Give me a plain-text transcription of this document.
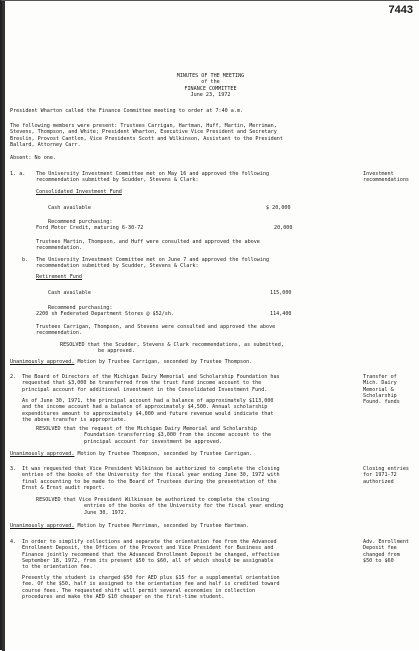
7443
MINUTES OF THE MEETING
of the
FINANCE COMMITTEE
June 23, 1972
President Wharton called the Finance Committee meeting to order at 7:40 a.m.
The following members were present: Trustees Carrigan, Hartman, Huff, Martin, Merriman,
Stevens, Thompson, and White; President Wharton, Executive Vice President and Secretary
Breslin, Provost Cantlon, Vice Presidents Scott and Wilkinson, Assistant to the President
Ballard, Attorney Carr.
Absent: No one.
1. a. The University Investment Committee met on May 16 and approved the following
recommendation submitted by Scudder, Stevens & Clark:
Investment
recommendations
Consolidated Investment Fund
Cash available	$ 20,000
Recommend purchasing:
Ford Motor Credit, maturing 6-30-72	20,000
Trustees Martin, Thompson, and Huff were consulted and approved the above
recommendation.
b. The University Investment Committee met on June 7 and approved the following
recommendation submitted by Scudder, Stevens & Clark:
Retirement Fund
Cash available	115,000
Recommend purchasing:
2200 sh Federated Department Stores @ $52/sh.	114,400
Trustees Carrigan, Thompson, and Stevens were consulted and approved the above
recommendation.
RESOLVED that the Scudder, Stevens & Clark recommendations, as submitted,
be approved.
Unanimously approved. Motion by Trustee Carrigan, seconded by Trustee Thompson.
2. The Board of Directors of the Michigan Dairy Memorial and Scholarship Foundation has
requested that $3,000 be transferred from the trust fund income account to the
principal account for additional investment in the Consolidated Investment Fund.
Transfer of
Mich. Dairy
Memorial &
Scholarship
Found. funds
As of June 30, 1971, the principal account had a balance of approximately $113,000
and the income account had a balance of approximately $4,500. Annual scholarship
expenditures amount to approximately $4,000 and future revenue would indicate that
the above transfer is appropriate.
RESOLVED that the request of the Michigan Dairy Memorial and Scholarship
Foundation transferring $3,000 from the income account to the
principal account for investment be approved.
Unanimously approved. Motion by Trustee Thompson, seconded by Trustee Carrigan.
3. It was requested that Vice President Wilkinson be authorized to complete the closing
entries of the books of the University for the fiscal year ending June 30, 1972 with
final accounting to be made to the Board of Trustees during the presentation of the
Ernst & Ernst audit report.
Closing entries
for 1971-72
authorized
RESOLVED that Vice President Wilkinson be authorized to complete the closing
entries of the books of the University for the fiscal year ending
June 30, 1972.
Unanimously approved. Motion by Trustee Merriman, seconded by Trustee Hartman.
4. In order to simplify collections and separate the orientation fee from the Advanced
Enrollment Deposit, the Offices of the Provost and Vice President for Business and
Finance jointly recommend that the Advanced Enrollment Deposit be changed, effective
September 18, 1972, from its present $50 to $60, all of which should be assignable
to the orientation fee.
Adv. Enrollment
Deposit fee
changed from
$50 to $60
Presently the student is charged $50 for AED plus $15 for a supplemental orientation
fee. Of the $50, half is assigned to the orientation fee and half is credited toward
course fees. The requested shift will permit several economies in collection
procedures and make the AED $10 cheaper on the first-time student.
